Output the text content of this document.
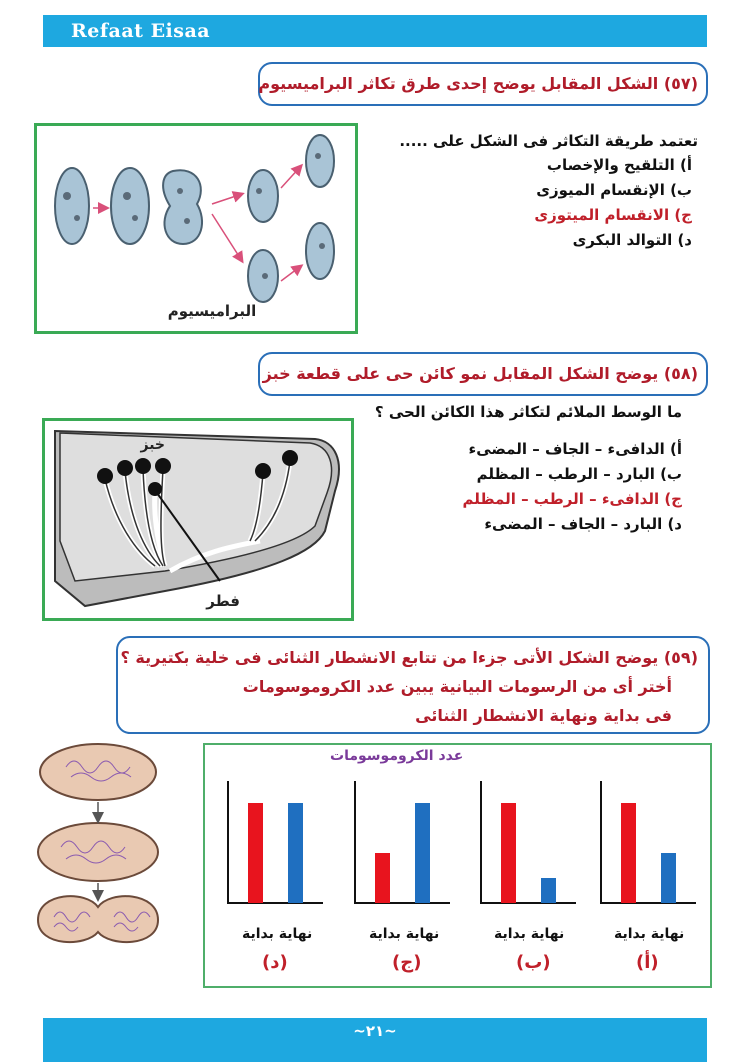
Refaat Eisaa
(٥٧) الشكل المقابل يوضح إحدى طرق تكاثر البراميسيوم
البراميسيوم
تعتمد طريقة التكاثر فى الشكل على .....
أ) التلقيح والإخصاب
ب) الإنقسام الميوزى
ج) الانقسام الميتوزى
د) التوالد البكرى
(٥٨) يوضح الشكل المقابل نمو كائن حى على قطعة خبز
خبز
فطر
ما الوسط الملائم لتكاثر هذا الكائن الحى ؟
أ) الدافىء – الجاف – المضىء
ب) البارد – الرطب – المظلم
ج) الدافىء – الرطب – المظلم
د) البارد – الجاف – المضىء
(٥٩) يوضح الشكل الأتى جزءا من تتابع الانشطار الثنائى فى خلية بكتيرية ؟
أختر أى من الرسومات البيانية يبين عدد الكروموسومات
فى بداية ونهاية الانشطار الثنائى
عدد الكروموسومات
نهاية بداية	نهاية بداية	نهاية بداية	نهاية بداية
(د)	(ج)	(ب)	(أ)
~٢١~
